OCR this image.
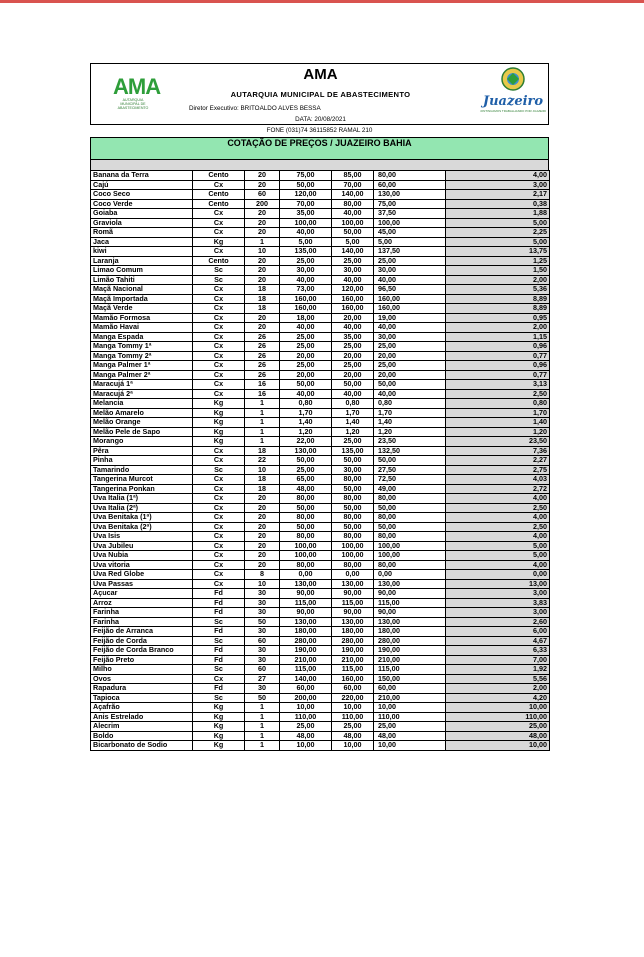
AMA
AUTARQUIA MUNICIPAL DE ABASTECIMENTO
AMA
AUTARQUIA MUNICIPAL DE ABASTECIMENTO
Diretor Executivo: BRITOALDO ALVES BESSA
DATA: 20/08/2021
Juazeiro
CONTINUAMOS TRABALHANDO POR JUAZEIRO
FONE (031)74 36115852 RAMAL 210
COTAÇÃO DE PREÇOS / JUAZEIRO BAHIA
Banana da Terra	Cento	20	75,00	85,00	80,00	4,00
Cajú	Cx	20	50,00	70,00	60,00	3,00
Coco Seco	Cento	60	120,00	140,00	130,00	2,17
Coco Verde	Cento	200	70,00	80,00	75,00	0,38
Goiaba	Cx	20	35,00	40,00	37,50	1,88
Graviola	Cx	20	100,00	100,00	100,00	5,00
Romã	Cx	20	40,00	50,00	45,00	2,25
Jaca	Kg	1	5,00	5,00	5,00	5,00
kiwi	Cx	10	135,00	140,00	137,50	13,75
Laranja	Cento	20	25,00	25,00	25,00	1,25
Limao Comum	Sc	20	30,00	30,00	30,00	1,50
Limão Tahiti	Sc	20	40,00	40,00	40,00	2,00
Maçã Nacional	Cx	18	73,00	120,00	96,50	5,36
Maçã Importada	Cx	18	160,00	160,00	160,00	8,89
Maçã Verde	Cx	18	160,00	160,00	160,00	8,89
Mamão Formosa	Cx	20	18,00	20,00	19,00	0,95
Mamão Havai	Cx	20	40,00	40,00	40,00	2,00
Manga Espada	Cx	26	25,00	35,00	30,00	1,15
Manga Tommy 1ª	Cx	26	25,00	25,00	25,00	0,96
Manga Tommy 2ª	Cx	26	20,00	20,00	20,00	0,77
Manga Palmer 1ª	Cx	26	25,00	25,00	25,00	0,96
Manga Palmer 2ª	Cx	26	20,00	20,00	20,00	0,77
Maracujá 1ª	Cx	16	50,00	50,00	50,00	3,13
Maracujá 2ª	Cx	16	40,00	40,00	40,00	2,50
Melancia	Kg	1	0,80	0,80	0,80	0,80
Melão Amarelo	Kg	1	1,70	1,70	1,70	1,70
Melão Orange	Kg	1	1,40	1,40	1,40	1,40
Melão Pele de Sapo	Kg	1	1,20	1,20	1,20	1,20
Morango	Kg	1	22,00	25,00	23,50	23,50
Pêra	Cx	18	130,00	135,00	132,50	7,36
Pinha	Cx	22	50,00	50,00	50,00	2,27
Tamarindo	Sc	10	25,00	30,00	27,50	2,75
Tangerina Murcot	Cx	18	65,00	80,00	72,50	4,03
Tangerina Ponkan	Cx	18	48,00	50,00	49,00	2,72
Uva Italia (1ª)	Cx	20	80,00	80,00	80,00	4,00
Uva Italia (2ª)	Cx	20	50,00	50,00	50,00	2,50
Uva Benitaka (1ª)	Cx	20	80,00	80,00	80,00	4,00
Uva Benitaka (2ª)	Cx	20	50,00	50,00	50,00	2,50
Uva Isis	Cx	20	80,00	80,00	80,00	4,00
Uva Jubileu	Cx	20	100,00	100,00	100,00	5,00
Uva Nubia	Cx	20	100,00	100,00	100,00	5,00
Uva vitoria	Cx	20	80,00	80,00	80,00	4,00
Uva Red Globe	Cx	8	0,00	0,00	0,00	0,00
Uva Passas	Cx	10	130,00	130,00	130,00	13,00
Açucar	Fd	30	90,00	90,00	90,00	3,00
Arroz	Fd	30	115,00	115,00	115,00	3,83
Farinha	Fd	30	90,00	90,00	90,00	3,00
Farinha	Sc	50	130,00	130,00	130,00	2,60
Feijão de Arranca	Fd	30	180,00	180,00	180,00	6,00
Feijão de Corda	Sc	60	280,00	280,00	280,00	4,67
Feijão de Corda Branco	Fd	30	190,00	190,00	190,00	6,33
Feijão Preto	Fd	30	210,00	210,00	210,00	7,00
Milho	Sc	60	115,00	115,00	115,00	1,92
Ovos	Cx	27	140,00	160,00	150,00	5,56
Rapadura	Fd	30	60,00	60,00	60,00	2,00
Tapioca	Sc	50	200,00	220,00	210,00	4,20
Açafrão	Kg	1	10,00	10,00	10,00	10,00
Anis Estrelado	Kg	1	110,00	110,00	110,00	110,00
Alecrim	Kg	1	25,00	25,00	25,00	25,00
Boldo	Kg	1	48,00	48,00	48,00	48,00
Bicarbonato de Sodio	Kg	1	10,00	10,00	10,00	10,00
